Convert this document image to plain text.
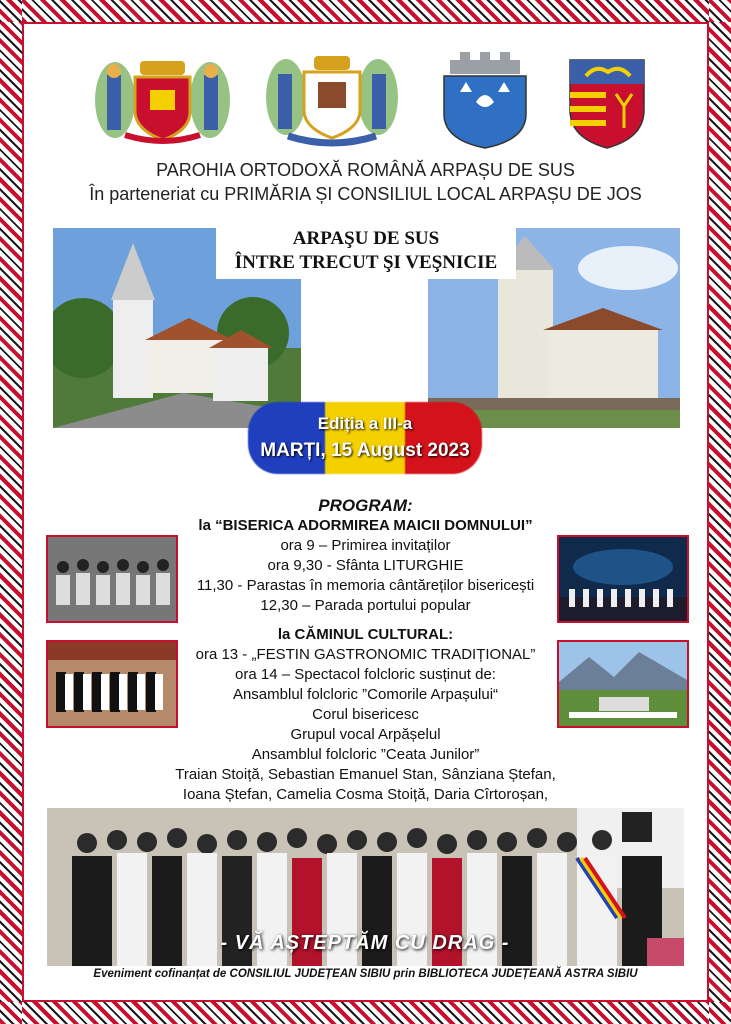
PAROHIA ORTODOXĂ ROMÂNĂ ARPAȘU DE SUS
În parteneriat cu PRIMĂRIA ȘI CONSILIUL LOCAL ARPAȘU DE JOS
ARPAŞU DE SUS
ÎNTRE TRECUT ŞI VEŞNICIE
Ediția a III-a
MARȚI, 15 August 2023
PROGRAM:
la “BISERICA ADORMIREA MAICII DOMNULUI”
ora 9 – Primirea invitaților
ora 9,30 - Sfânta LITURGHIE
11,30 - Parastas în memoria cântăreților bisericești
12,30 – Parada portului popular
la CĂMINUL CULTURAL:
ora 13 - „FESTIN GASTRONOMIC TRADIȚIONAL”
ora 14 – Spectacol folcloric susținut de:
Ansamblul folcloric ”Comorile Arpașului“
Corul bisericesc
Grupul vocal Arpășelul
Ansamblul folcloric ”Ceata Junilor”
Traian Stoiță, Sebastian Emanuel Stan, Sânziana Ștefan,
Ioana Ștefan, Camelia Cosma Stoiță, Daria Cîrtoroșan,
- VĂ AȘTEPTĂM CU DRAG -
Eveniment cofinanțat de CONSILIUL JUDEȚEAN SIBIU prin BIBLIOTECA JUDEȚEANĂ ASTRA SIBIU
